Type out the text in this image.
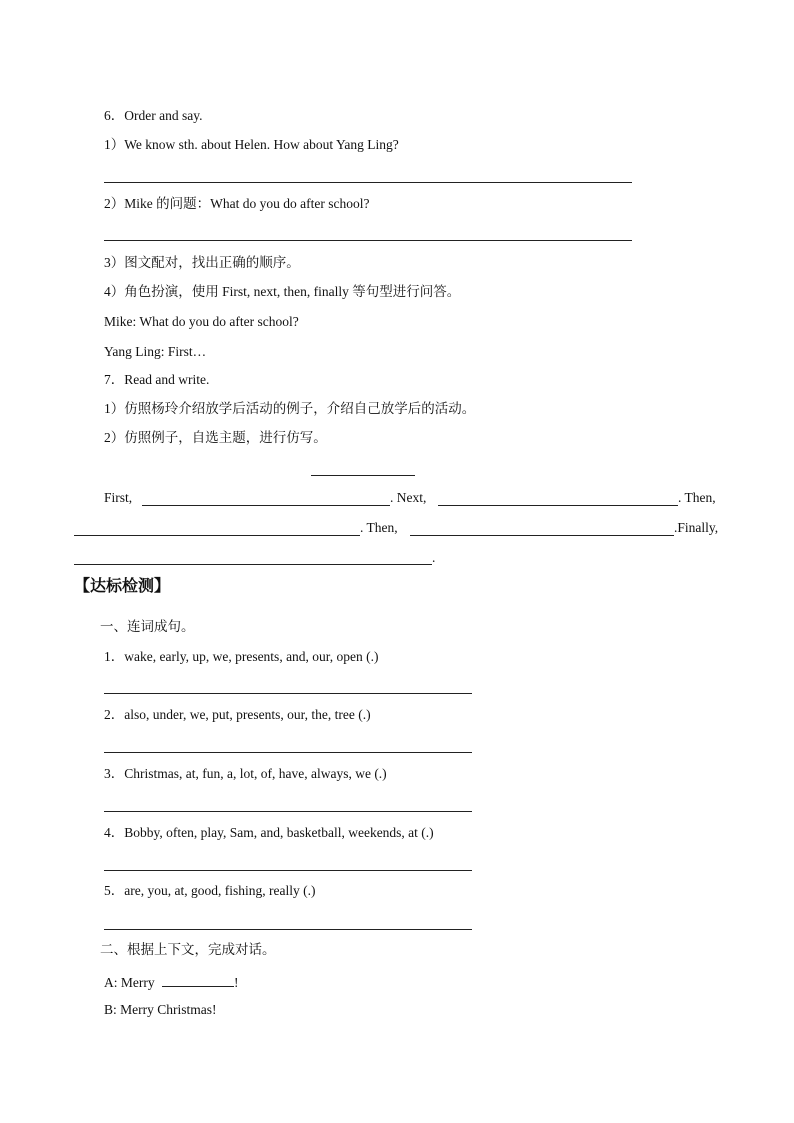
6．Order and say.
1）We know sth. about Helen. How about Yang Ling?
2）Mike 的问题：What do you do after school?
3）图文配对，找出正确的顺序。
4）角色扮演，使用 First, next, then, finally 等句型进行问答。
Mike: What do you do after school?
Yang Ling: First…
7．Read and write.
1）仿照杨玲介绍放学后活动的例子，介绍自己放学后的活动。
2）仿照例子，自选主题，进行仿写。
First,	. Next,	. Then,
. Then,	.Finally,
.
【达标检测】
一、连词成句。
1．wake, early, up, we, presents, and, our, open (.)
2．also, under, we, put, presents, our, the, tree (.)
3．Christmas, at, fun, a, lot, of, have, always, we (.)
4．Bobby, often, play, Sam, and, basketball, weekends, at (.)
5．are, you, at, good, fishing, really (.)
二、根据上下文，完成对话。
A: Merry	!
B: Merry Christmas!
